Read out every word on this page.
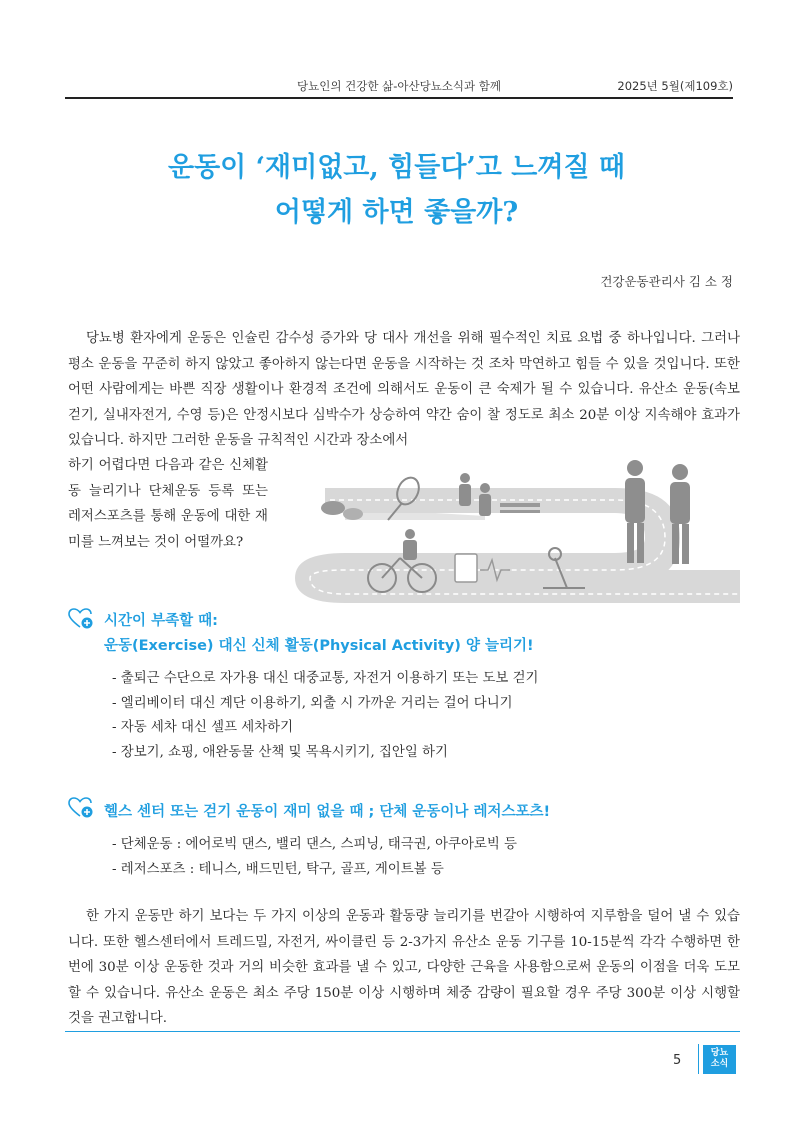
당뇨인의 건강한 삶-아산당뇨소식과 함께	2025년 5월(제109호)
운동이 ‘재미없고, 힘들다’고 느껴질 때
어떻게 하면 좋을까?
건강운동관리사 김 소 정
당뇨병 환자에게 운동은 인슐린 감수성 증가와 당 대사 개선을 위해 필수적인 치료 요법 중 하나입니다. 그러나 평소 운동을 꾸준히 하지 않았고 좋아하지 않는다면 운동을 시작하는 것 조차 막연하고 힘들 수 있을 것입니다. 또한 어떤 사람에게는 바쁜 직장 생활이나 환경적 조건에 의해서도 운동이 큰 숙제가 될 수 있습니다. 유산소 운동(속보 걷기, 실내자전거, 수영 등)은 안정시보다 심박수가 상승하여 약간 숨이 찰 정도로 최소 20분 이상 지속해야 효과가 있습니다. 하지만 그러한 운동을 규칙적인 시간과 장소에서
하기 어렵다면 다음과 같은 신체활동 늘리기나 단체운동 등록 또는 레저스포츠를 통해 운동에 대한 재미를 느껴보는 것이 어떨까요?
시간이 부족할 때:
운동(Exercise) 대신 신체 활동(Physical Activity) 양 늘리기!
- 출퇴근 수단으로 자가용 대신 대중교통, 자전거 이용하기 또는 도보 걷기
- 엘리베이터 대신 계단 이용하기, 외출 시 가까운 거리는 걸어 다니기
- 자동 세차 대신 셀프 세차하기
- 장보기, 쇼핑, 애완동물 산책 및 목욕시키기, 집안일 하기
헬스 센터 또는 걷기 운동이 재미 없을 때 ; 단체 운동이나 레저스포츠!
- 단체운동 : 에어로빅 댄스, 밸리 댄스, 스피닝, 태극권, 아쿠아로빅 등
- 레저스포츠 : 테니스, 배드민턴, 탁구, 골프, 게이트볼 등
한 가지 운동만 하기 보다는 두 가지 이상의 운동과 활동량 늘리기를 번갈아 시행하여 지루함을 덜어 낼 수 있습니다. 또한 헬스센터에서 트레드밀, 자전거, 싸이클린 등 2-3가지 유산소 운동 기구를 10-15분씩 각각 수행하면 한번에 30분 이상 운동한 것과 거의 비슷한 효과를 낼 수 있고, 다양한 근육을 사용함으로써 운동의 이점을 더욱 도모할 수 있습니다. 유산소 운동은 최소 주당 150분 이상 시행하며 체중 감량이 필요할 경우 주당 300분 이상 시행할 것을 권고합니다.
5	당뇨
소식
